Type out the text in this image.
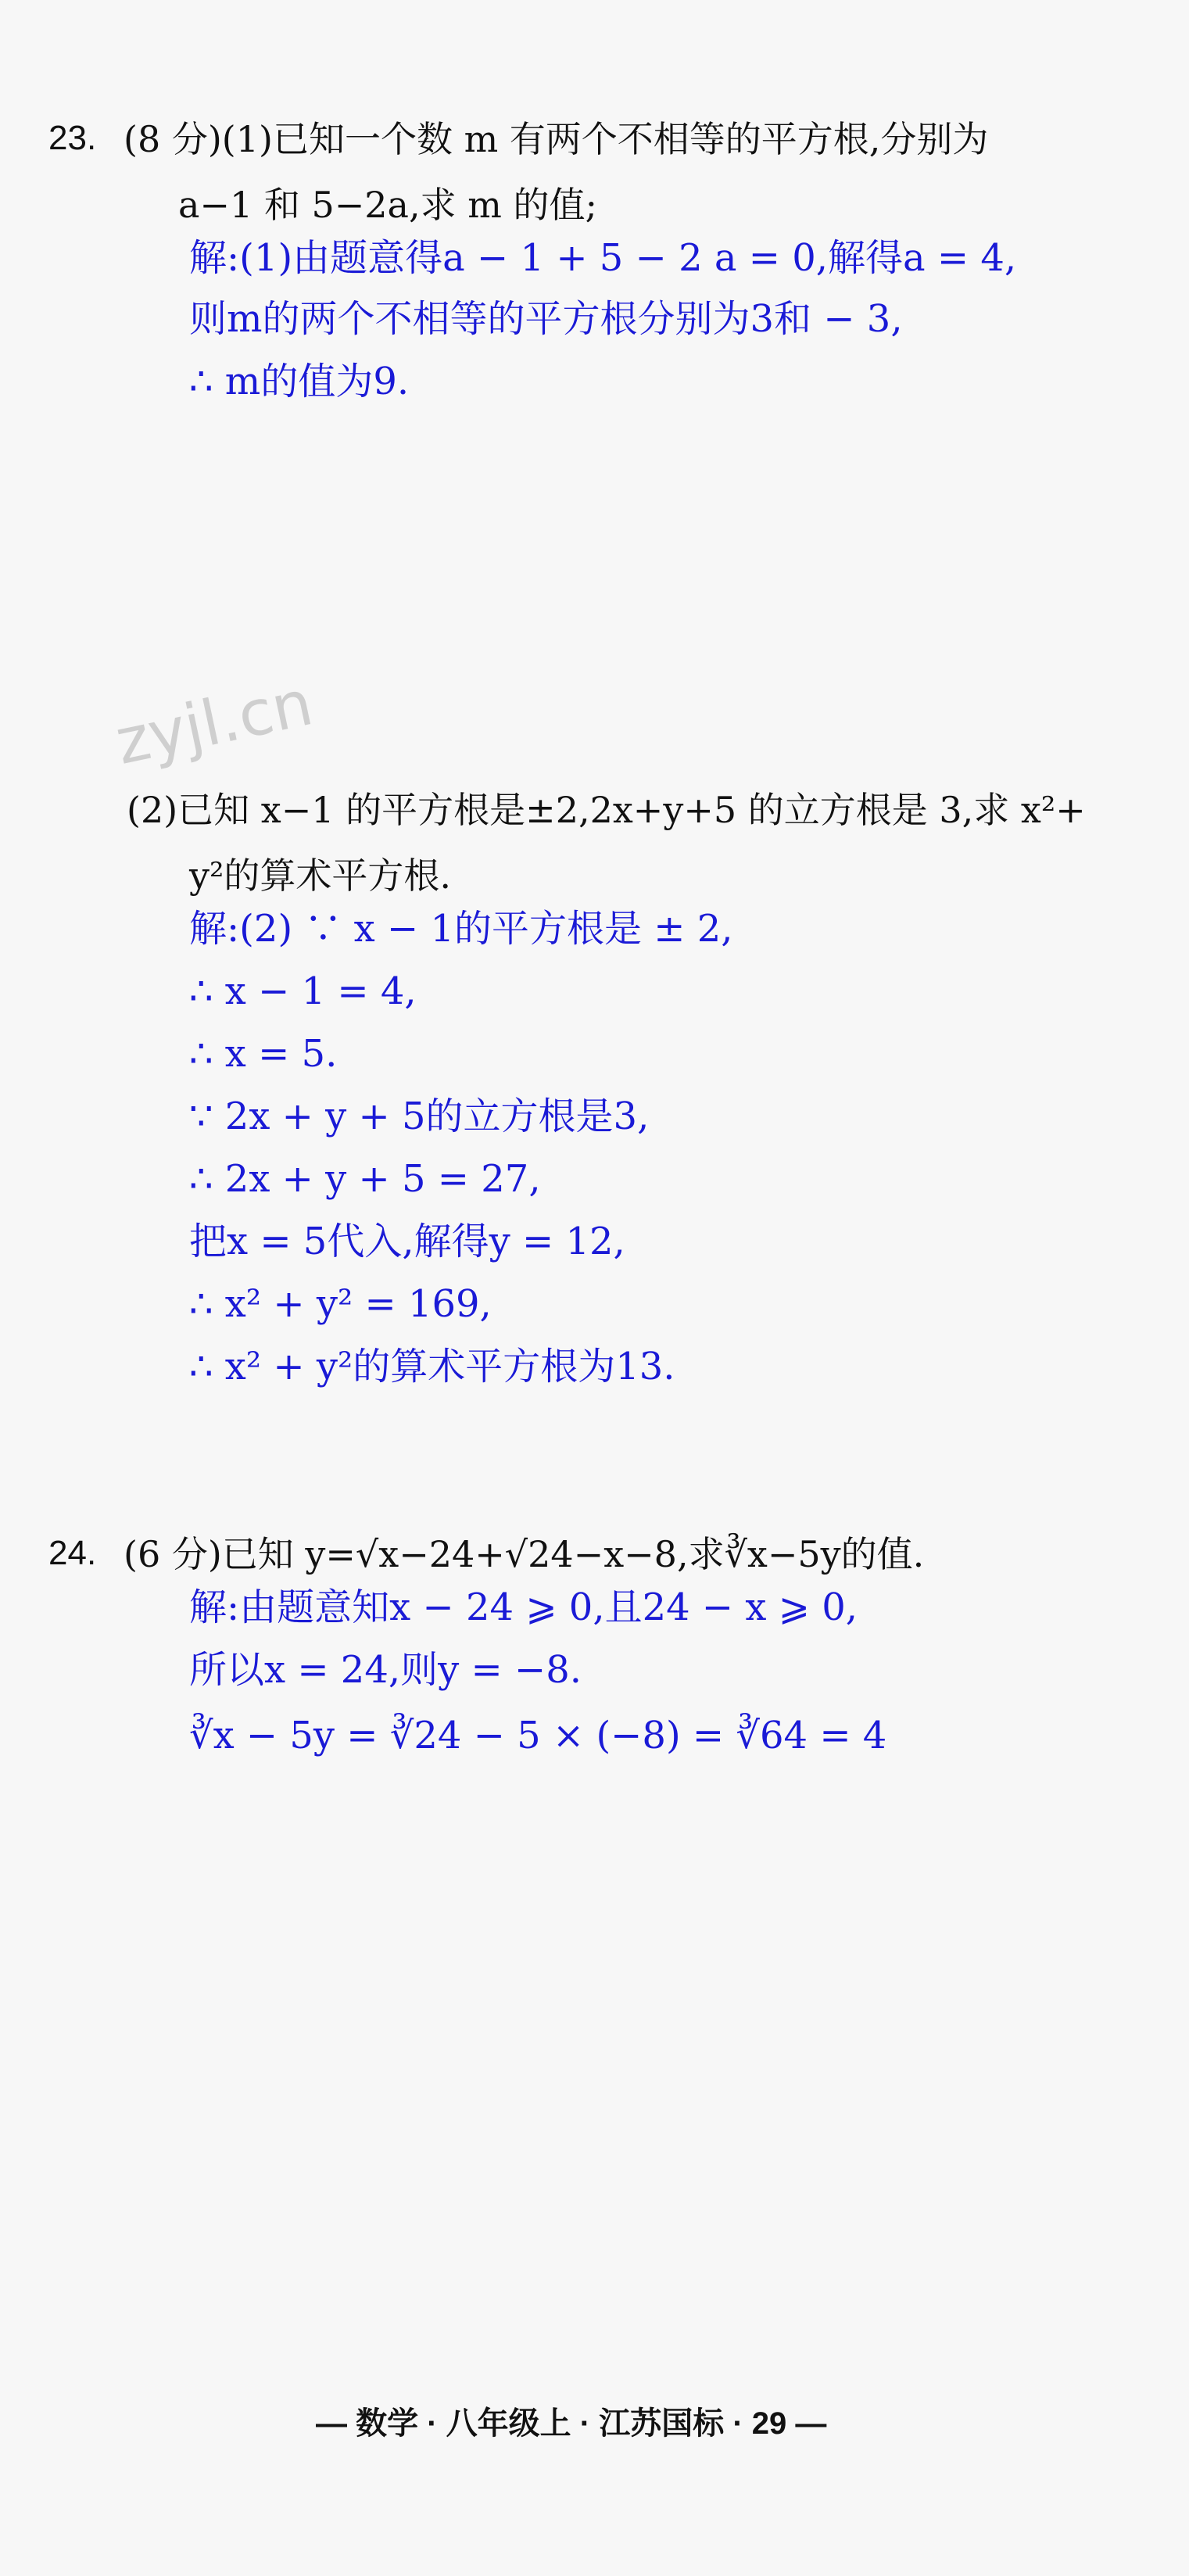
23. (8 分)(1)已知一个数 m 有两个不相等的平方根,分别为
a−1 和 5−2a,求 m 的值;
解:(1)由题意得a − 1 + 5 − 2 a = 0,解得a = 4,
则m的两个不相等的平方根分别为3和 − 3,
∴ m的值为9.
zyjl.cn
(2)已知 x−1 的平方根是±2,2x+y+5 的立方根是 3,求 x²+
y²的算术平方根.
解:(2) ∵ x − 1的平方根是 ± 2,
∴ x − 1 = 4,
∴ x = 5.
∵ 2x + y + 5的立方根是3,
∴ 2x + y + 5 = 27,
把x = 5代入,解得y = 12,
∴ x² + y² = 169,
∴ x² + y²的算术平方根为13.
24. (6 分)已知 y=√x−24+√24−x−8,求∛x−5y的值.
解:由题意知x − 24 ⩾ 0,且24 − x ⩾ 0,
所以x = 24,则y = −8.
∛x − 5y = ∛24 − 5 × (−8) = ∛64 = 4
— 数学 · 八年级上 · 江苏国标 · 29 —
